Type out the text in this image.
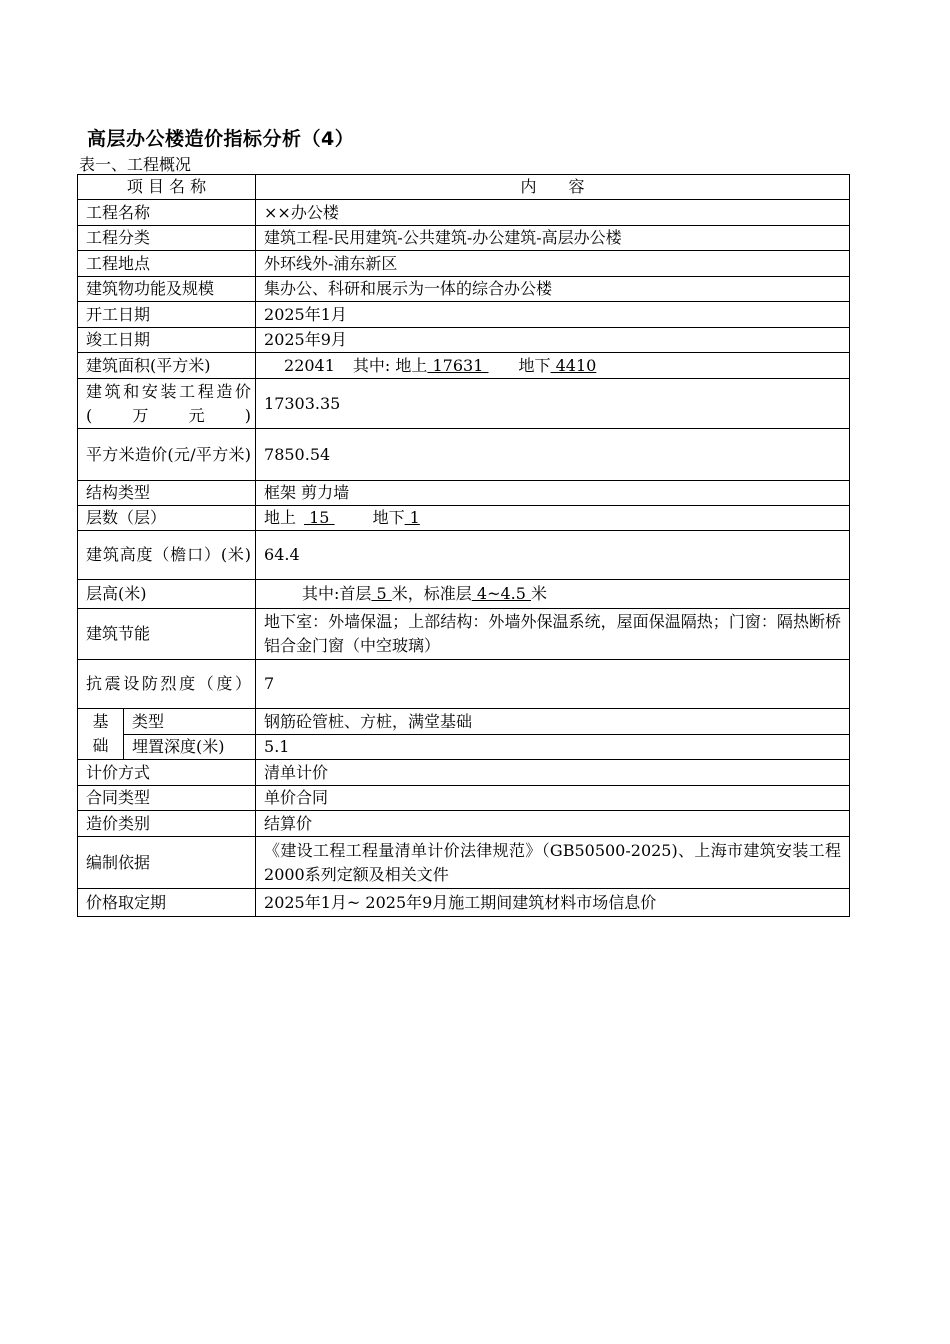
高层办公楼造价指标分析（4）
表一、工程概况
项 目 名 称		内　　容
工程名称		××办公楼
工程分类		建筑工程-民用建筑-公共建筑-办公建筑-高层办公楼
工程地点		外环线外-浦东新区
建筑物功能及规模		集办公、科研和展示为一体的综合办公楼
开工日期		2025年1月
竣工日期		2025年9月
建筑面积(平方米)		22041 其中: 地上 17631 地下 4410
建筑和安装工程造价(万元)		17303.35
平方米造价(元/平方米)		7850.54
结构类型		框架 剪力墙
层数（层）		地上 15 地下 1
建筑高度（檐口）(米)		64.4
层高(米)		其中:首层 5 米，标准层 4~4.5 米
建筑节能		地下室：外墙保温；上部结构：外墙外保温系统，屋面保温隔热；门窗：隔热断桥铝合金门窗（中空玻璃）
抗震设防烈度（度）		7

基
础	类型	钢筋砼管桩、方桩，满堂基础
	埋置深度(米)	5.1
计价方式		清单计价
合同类型		单价合同
造价类别		结算价
编制依据		《建设工程工程量清单计价法律规范》（GB50500-2025)、上海市建筑安装工程2000系列定额及相关文件
价格取定期		2025年1月~ 2025年9月施工期间建筑材料市场信息价
